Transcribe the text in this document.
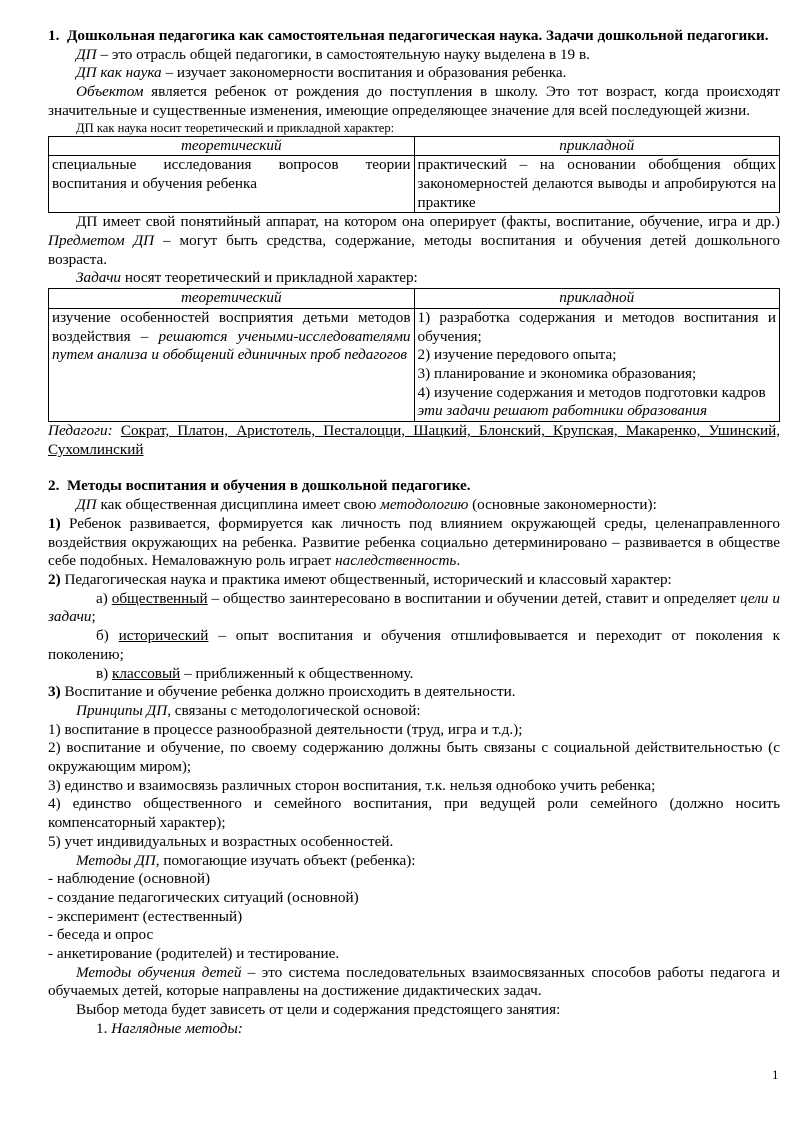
1.  Дошкольная педагогика как самостоятельная педагогическая наука. Задачи дошкольной педагогики.

ДП – это отрасль общей педагогики, в самостоятельную науку выделена в 19 в.

ДП как наука – изучает закономерности воспитания и образования ребенка.

Объектом является ребенок от рождения до поступления в школу. Это тот возраст, когда происходят значительные и существенные изменения, имеющие определяющее значение для всей последующей жизни.

ДП как наука носит теоретический и прикладной характер:

теоретический	прикладной
специальные исследования вопросов теории воспитания и обучения ребенка	практический – на основании обобщения общих закономерностей делаются выводы и апробируются на практике

ДП имеет свой понятийный аппарат, на котором она оперирует (факты, воспитание, обучение, игра и др.) Предметом ДП – могут быть средства, содержание, методы воспитания и обучения детей дошкольного возраста.

Задачи носят теоретический и прикладной характер:

теоретический	прикладной
изучение особенностей восприятия детьми методов воздействия – решаются учеными-исследователями путем анализа и обобщений единичных проб педагогов	1) разработка содержания и методов воспитания и обучения;
2) изучение передового опыта;
3) планирование и экономика образования;
4) изучение содержания и методов подготовки кадров
эти задачи решают работники образования

Педагоги: Сократ, Платон, Аристотель, Песталоцци, Шацкий, Блонский, Крупская, Макаренко, Ушинский, Сухомлинский

2.  Методы воспитания и обучения в дошкольной педагогике.

ДП как общественная дисциплина имеет свою методологию (основные закономерности):

1) Ребенок развивается, формируется как личность под влиянием окружающей среды, целенаправленного воздействия окружающих на ребенка. Развитие ребенка социально детерминировано – развивается в обществе себе подобных. Немаловажную роль играет наследственность.

2) Педагогическая наука и практика имеют общественный, исторический и классовый характер:

а) общественный – общество заинтересовано в воспитании и обучении детей, ставит и определяет цели и задачи;

б) исторический – опыт воспитания и обучения отшлифовывается и переходит от поколения к поколению;

в) классовый – приближенный к общественному.

3) Воспитание и обучение ребенка должно происходить в деятельности.

Принципы ДП, связаны с методологической основой:

1) воспитание в процессе разнообразной деятельности (труд, игра и т.д.);

2) воспитание и обучение, по своему содержанию должны быть связаны с социальной действительностью (с окружающим миром);

3) единство и взаимосвязь различных сторон воспитания, т.к. нельзя однобоко учить ребенка;

4) единство общественного и семейного воспитания, при ведущей роли семейного (должно носить компенсаторный характер);

5) учет индивидуальных и возрастных особенностей.

Методы ДП, помогающие изучать объект (ребенка):

- наблюдение (основной)

- создание педагогических ситуаций (основной)

- эксперимент (естественный)

- беседа и опрос

- анкетирование (родителей) и тестирование.

Методы обучения детей – это система последовательных взаимосвязанных способов работы педагога и обучаемых детей, которые направлены на достижение дидактических задач.

Выбор метода будет зависеть от цели и содержания предстоящего занятия:

1. Наглядные методы:

1
